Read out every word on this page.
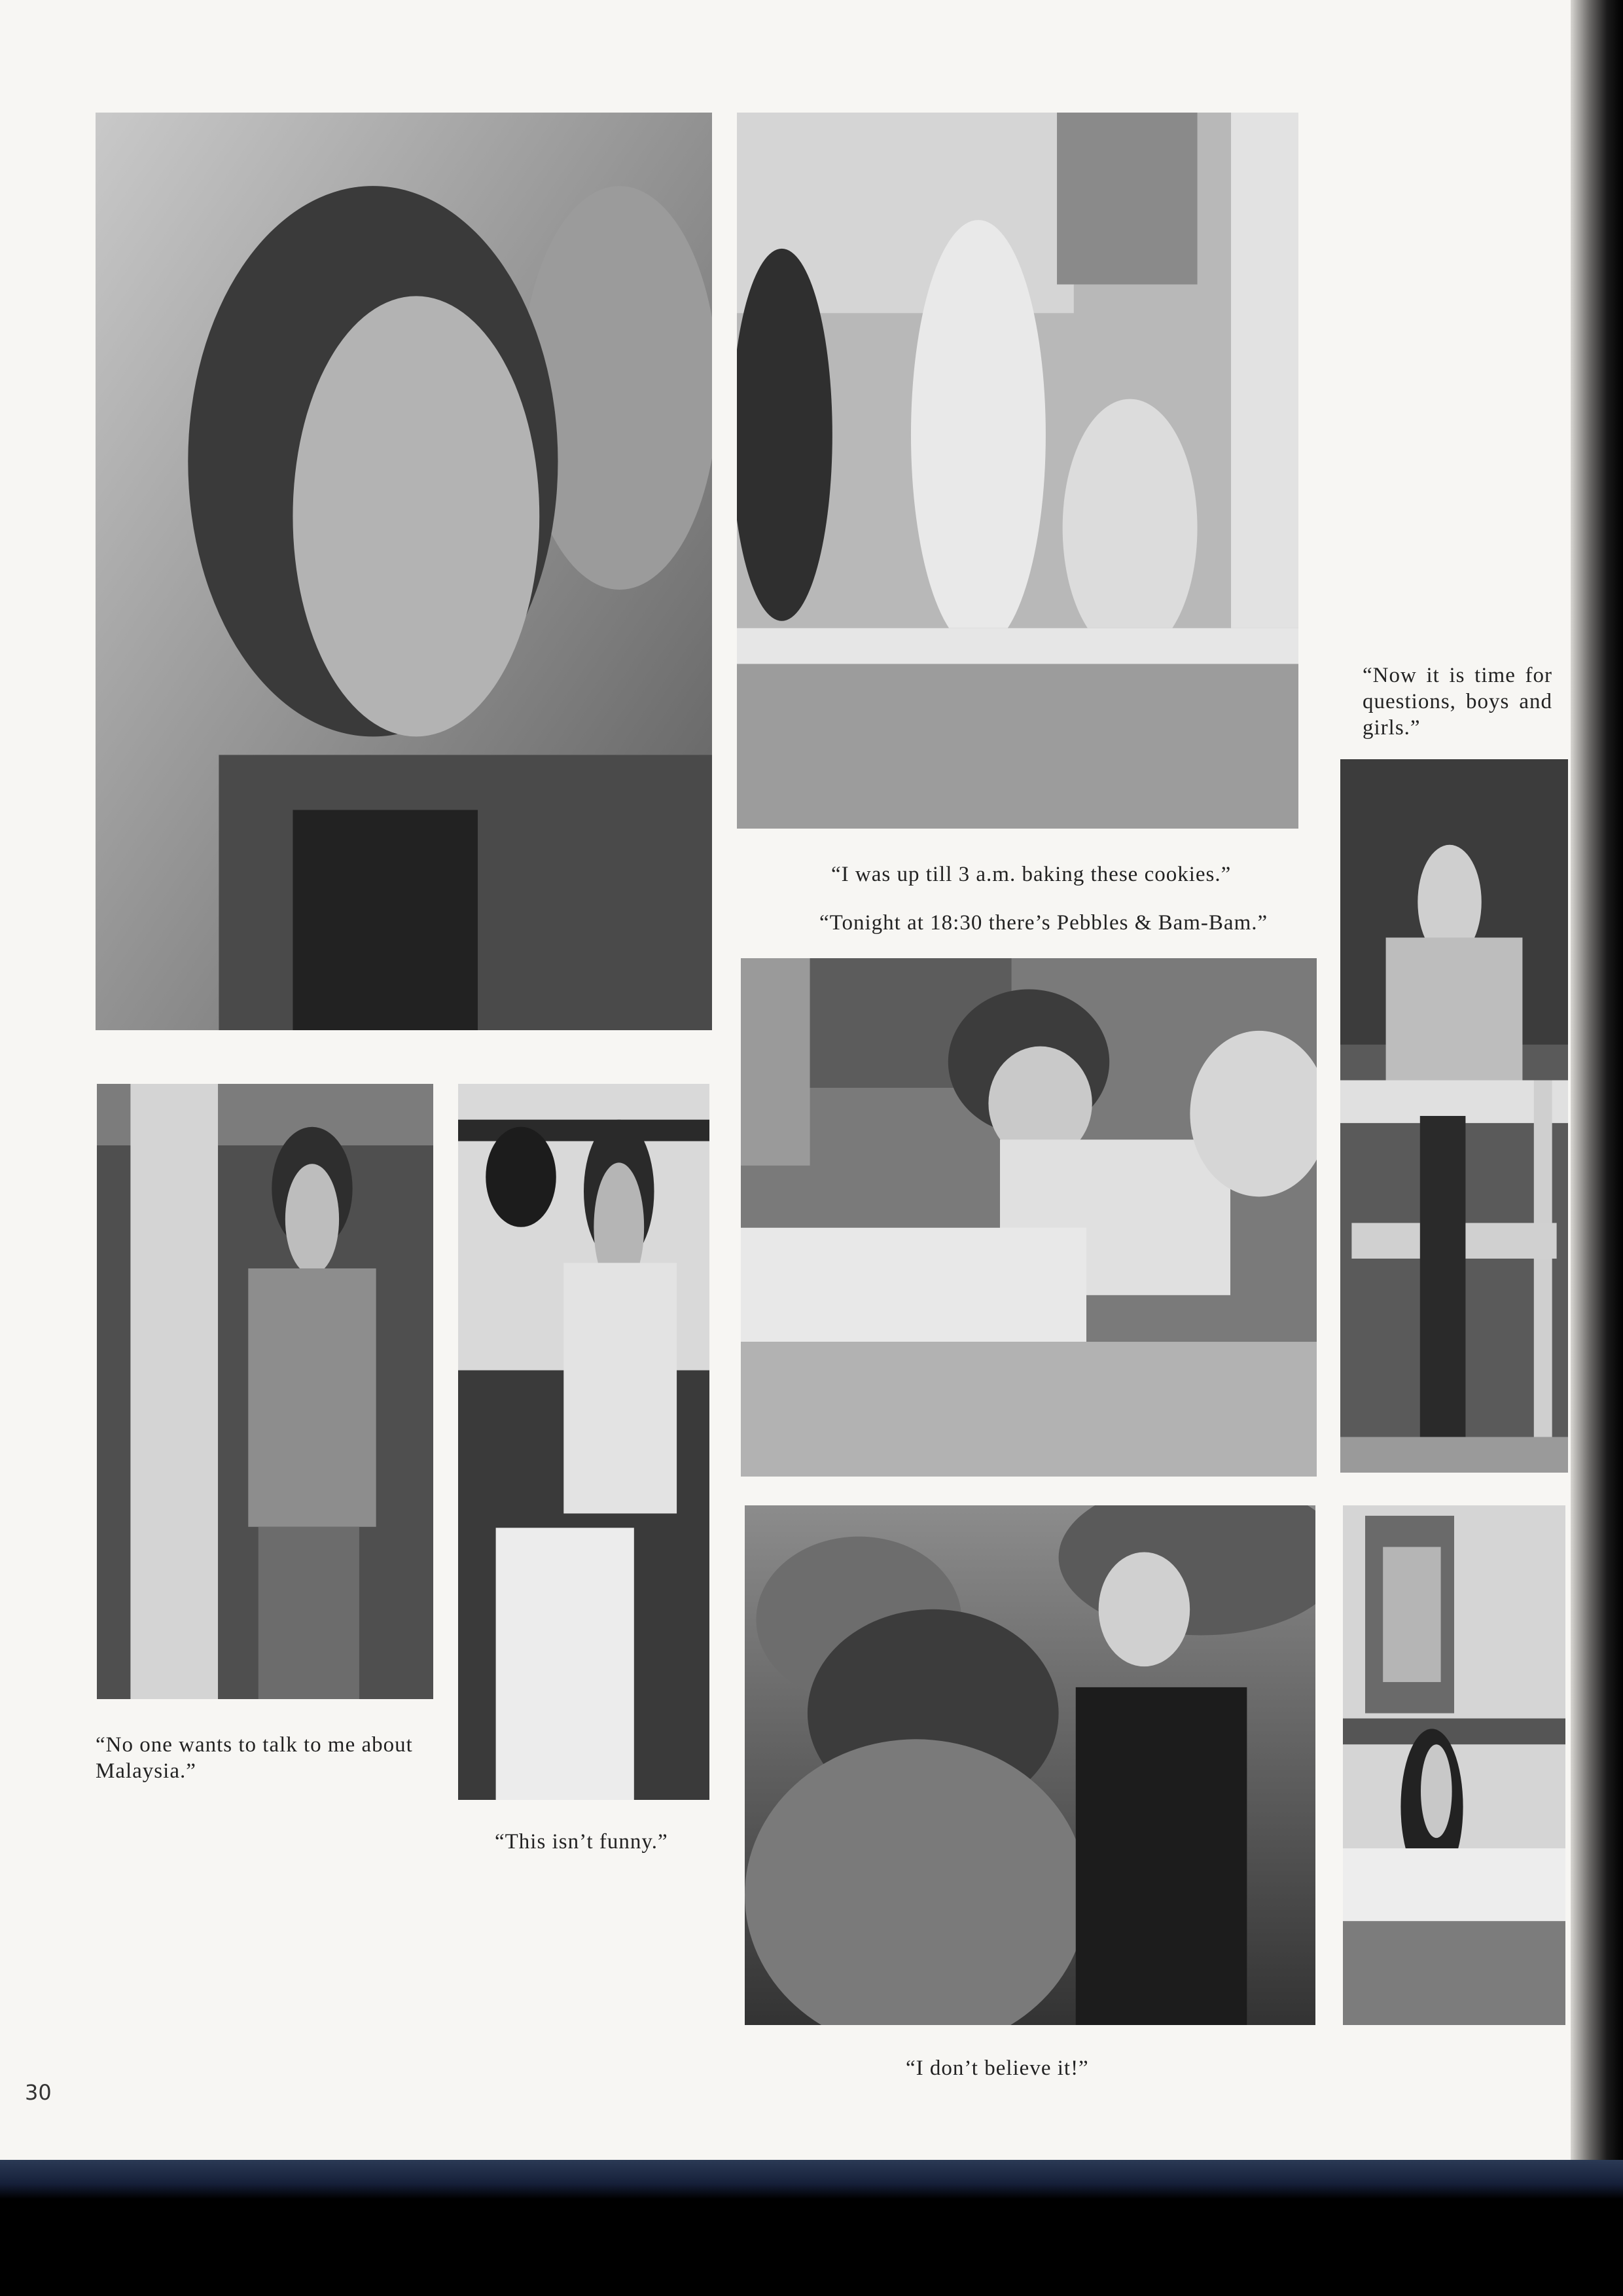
“I was up till 3 a.m. baking these cookies.”
“Tonight at 18:30 there’s Pebbles & Bam-Bam.”
“Now it is time for questions, boys and girls.”
“No one wants to talk to me about Malaysia.”
“This isn’t funny.”
“I don’t believe it!”
30
